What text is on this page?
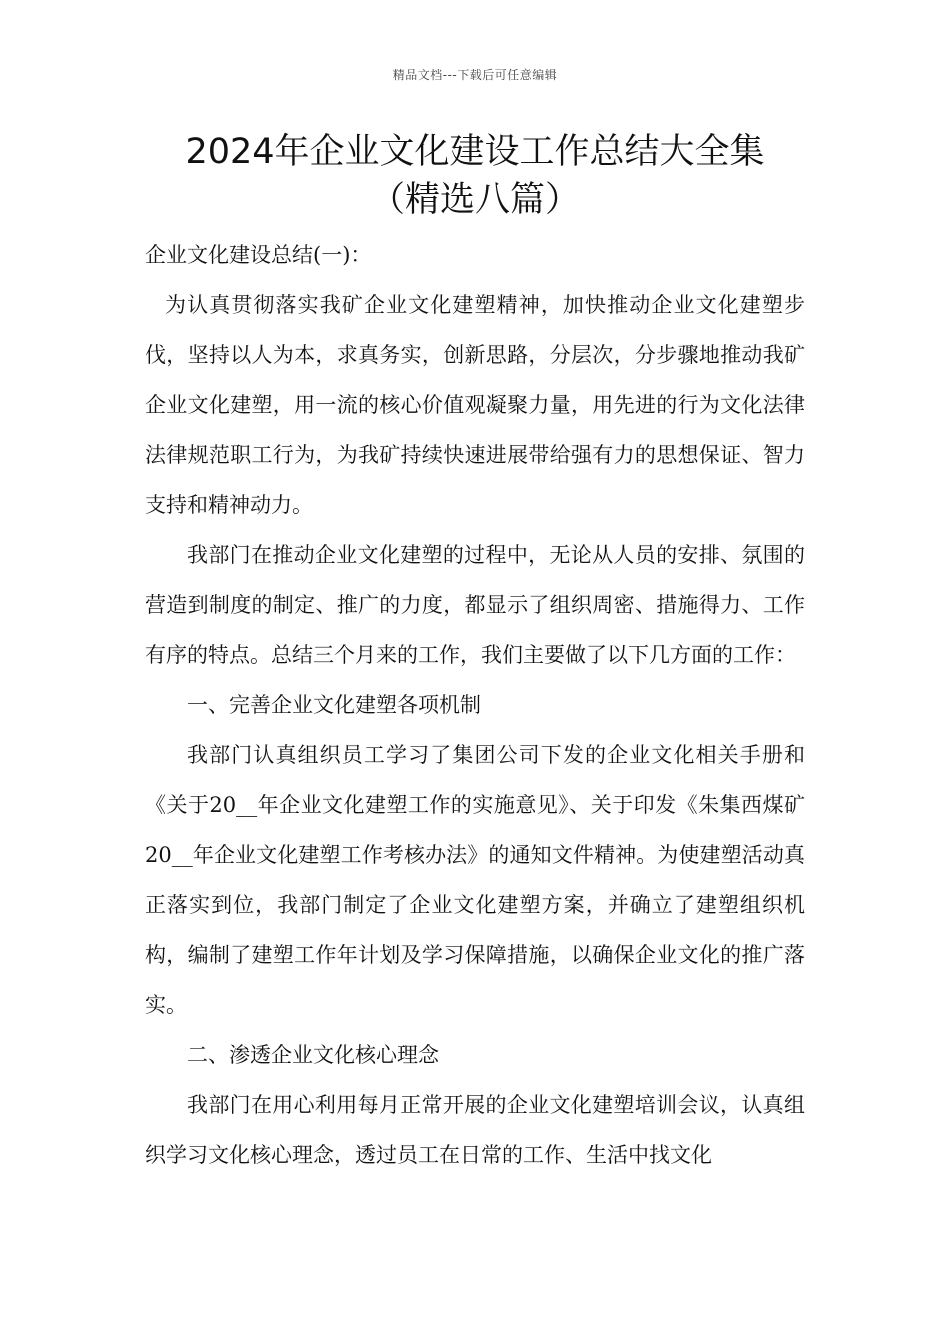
精品文档---下载后可任意编辑
2024年企业文化建设工作总结大全集
（精选八篇）

企业文化建设总结(一)：

为认真贯彻落实我矿企业文化建塑精神，加快推动企业文化建塑步伐，坚持以人为本，求真务实，创新思路，分层次，分步骤地推动我矿企业文化建塑，用一流的核心价值观凝聚力量，用先进的行为文化法律法律规范职工行为，为我矿持续快速进展带给强有力的思想保证、智力支持和精神动力。

我部门在推动企业文化建塑的过程中，无论从人员的安排、氛围的营造到制度的制定、推广的力度，都显示了组织周密、措施得力、工作有序的特点。总结三个月来的工作，我们主要做了以下几方面的工作：

一、完善企业文化建塑各项机制

我部门认真组织员工学习了集团公司下发的企业文化相关手册和《关于20__年企业文化建塑工作的实施意见》、关于印发《朱集西煤矿20__年企业文化建塑工作考核办法》的通知文件精神。为使建塑活动真正落实到位，我部门制定了企业文化建塑方案，并确立了建塑组织机构，编制了建塑工作年计划及学习保障措施，以确保企业文化的推广落实。

二、渗透企业文化核心理念

我部门在用心利用每月正常开展的企业文化建塑培训会议，认真组织学习文化核心理念，透过员工在日常的工作、生活中找文化
